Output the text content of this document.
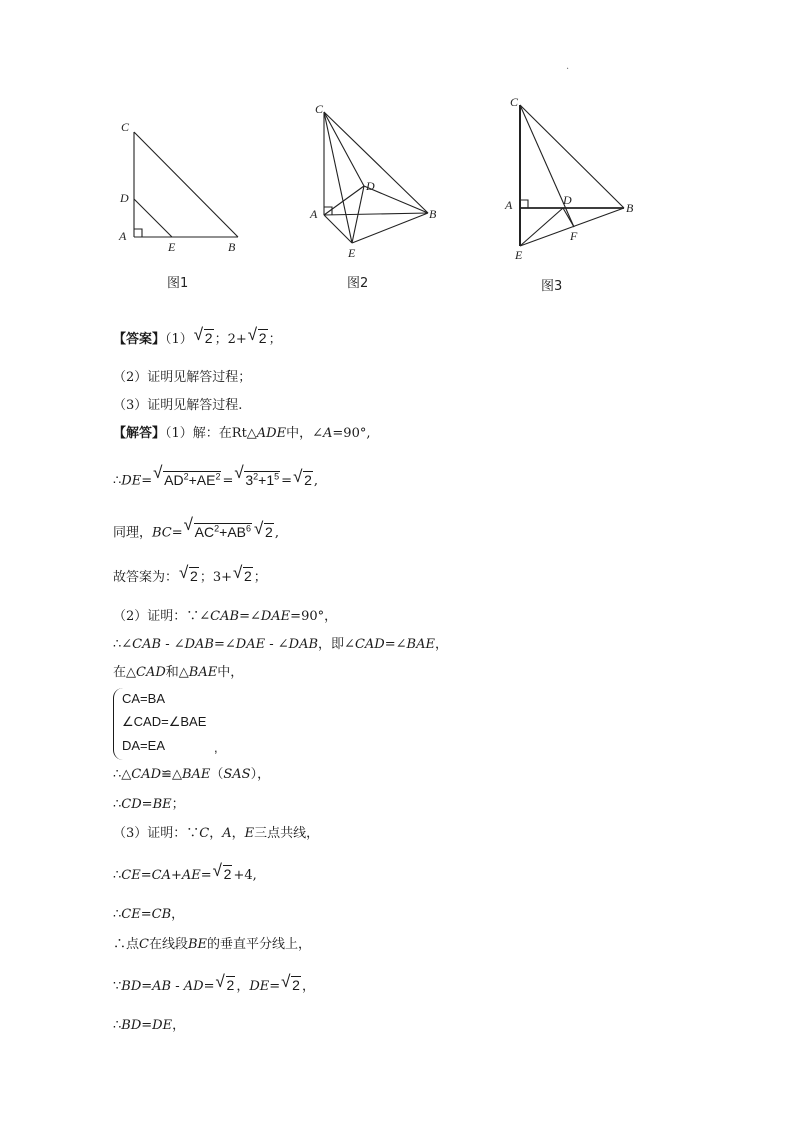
·
C
D
A
E	B
图1
C
D
A
E
B
图2
C
A	D
B
F
E
图3
【答案】（1） √ 2 ；2+ √ 2 ；
（2）证明见解答过程；
（3）证明见解答过程.
【解答】（1）解：在Rt△ADE中，∠A=90°,
∴DE= √ $AD^2+AE^2$ = √ $3^2+1^5$ = √ 2 ,
同理，BC= √ $AC^2+AB^6$ √ 2 ,
故答案为： √ 2 ；3+ √ 2 ；
（2）证明：∵∠CAB=∠DAE=90°，
∴∠CAB - ∠DAB=∠DAE - ∠DAB，即∠CAD=∠BAE，
在△CAD和△BAE中，
CA=BA
∠CAD=∠BAE
DA=EA	,
∴△CAD≌△BAE（SAS），
∴CD=BE；
（3）证明：∵C，A，E三点共线，
∴CE=CA+AE= √ 2 +4,
∴CE=CB，
∴点C在线段BE的垂直平分线上，
∵BD=AB - AD= √ 2 ，DE= √ 2 ，
∴BD=DE，
